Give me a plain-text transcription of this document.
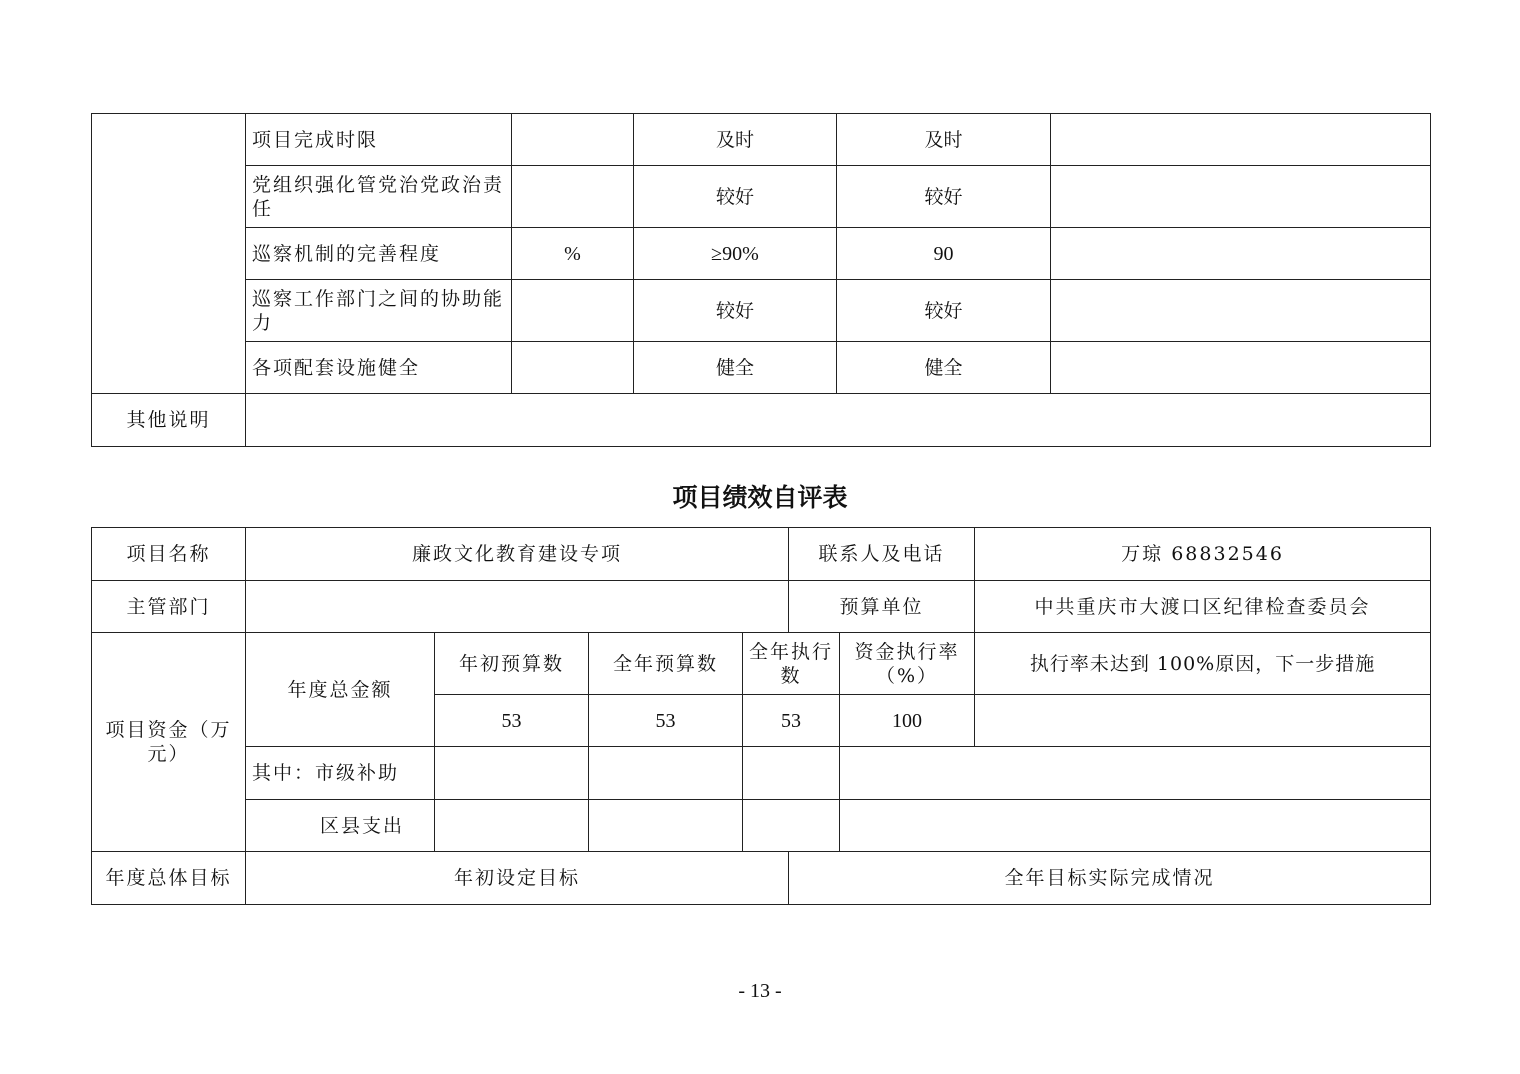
	项目完成时限		及时	及时	
	党组织强化管党治党政治责任		较好	较好	
	巡察机制的完善程度	%	≥90%	90	
	巡察工作部门之间的协助能力		较好	较好	
	各项配套设施健全		健全	健全	
其他说明					
项目绩效自评表
项目名称	廉政文化教育建设专项				联系人及电话		万琼 68832546
主管部门					预算单位		中共重庆市大渡口区纪律检查委员会
项目资金（万元）	年度总金额	年初预算数	全年预算数	全年执行数		资金执行率（%）	执行率未达到 100%原因，下一步措施
		53	53	53		100	
	其中：市级补助						
	区县支出						
年度总体目标	年初设定目标				全年目标实际完成情况		
- 13 -
